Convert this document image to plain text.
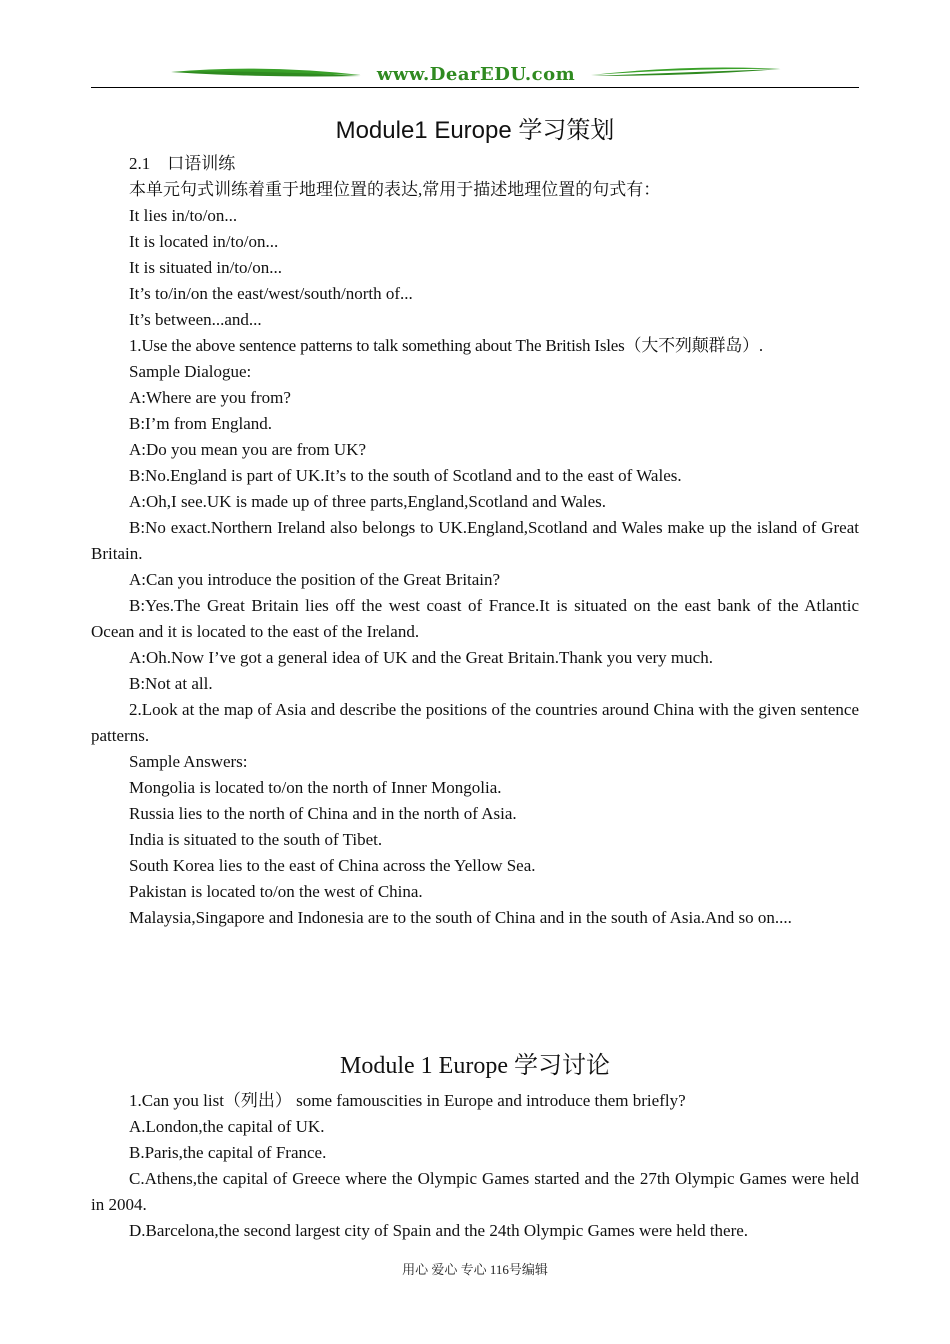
www.DearEDU.com
Module1 Europe 学习策划

2.1　口语训练

本单元句式训练着重于地理位置的表达,常用于描述地理位置的句式有：

It lies in/to/on...

It is located in/to/on...

It is situated in/to/on...

It’s to/in/on the east/west/south/north of...

It’s between...and...

1.Use the above sentence patterns to talk something about The British Isles（大不列颠群岛）.

Sample Dialogue:

A:Where are you from?

B:I’m from England.

A:Do you mean you are from UK?

B:No.England is part of UK.It’s to the south of Scotland and to the east of Wales.

A:Oh,I see.UK is made up of three parts,England,Scotland and Wales.

B:No exact.Northern Ireland also belongs to UK.England,Scotland and Wales make up the island of Great Britain.

A:Can you introduce the position of the Great Britain?

B:Yes.The Great Britain lies off the west coast of France.It is situated on the east bank of the Atlantic Ocean and it is located to the east of the Ireland.

A:Oh.Now I’ve got a general idea of UK and the Great Britain.Thank you very much.

B:Not at all.

2.Look at the map of Asia and describe the positions of the countries around China with the given sentence patterns.

Sample Answers:

Mongolia is located to/on the north of Inner Mongolia.

Russia lies to the north of China and in the north of Asia.

India is situated to the south of Tibet.

South Korea lies to the east of China across the Yellow Sea.

Pakistan is located to/on the west of China.

Malaysia,Singapore and Indonesia are to the south of China and in the south of Asia.And so on....

Module 1 Europe 学习讨论

1.Can you list（列出） some famouscities in Europe and introduce them briefly?

A.London,the capital of UK.

B.Paris,the capital of France.

C.Athens,the capital of Greece where the Olympic Games started and the 27th Olympic Games were held in 2004.

D.Barcelona,the second largest city of Spain and the 24th Olympic Games were held there.

用心 爱心 专心 116号编辑
